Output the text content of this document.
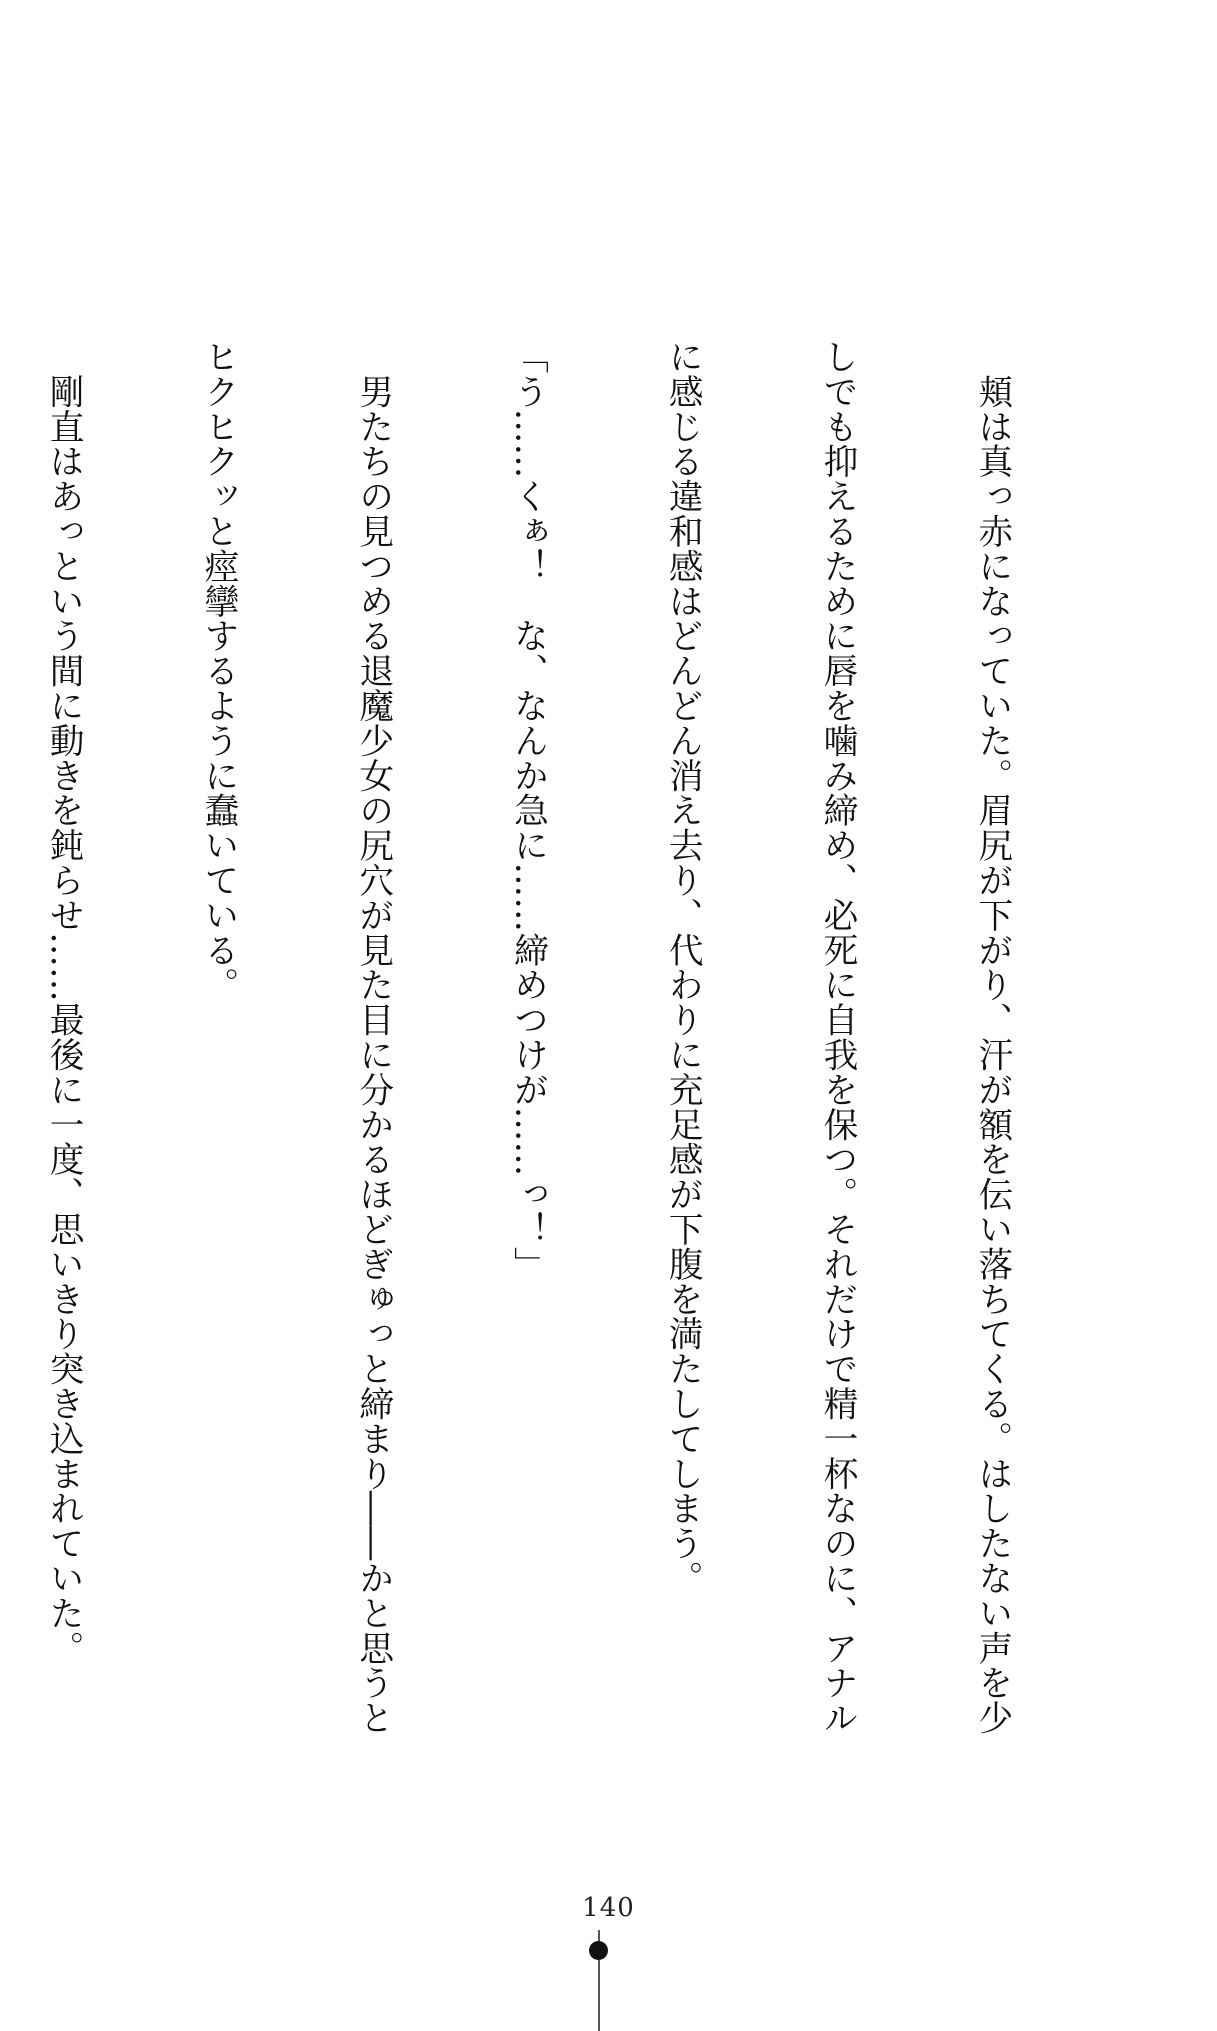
　頬は真っ赤になっていた。眉尻が下がり、汗が額を伝い落ちてくる。はしたない声を少

しでも抑えるために唇を噛み締め、必死に自我を保つ。それだけで精一杯なのに、アナル

に感じる違和感はどんどん消え去り、代わりに充足感が下腹を満たしてしまう。

「う……くぁ！　な、なんか急に……締めつけが……っ！」

　男たちの見つめる退魔少女の尻穴が見た目に分かるほどぎゅっと締まり――かと思うと

ヒクヒクッと痙攣するように蠢いている。

　剛直はあっという間に動きを鈍らせ……最後に一度、思いきり突き込まれていた。

140
